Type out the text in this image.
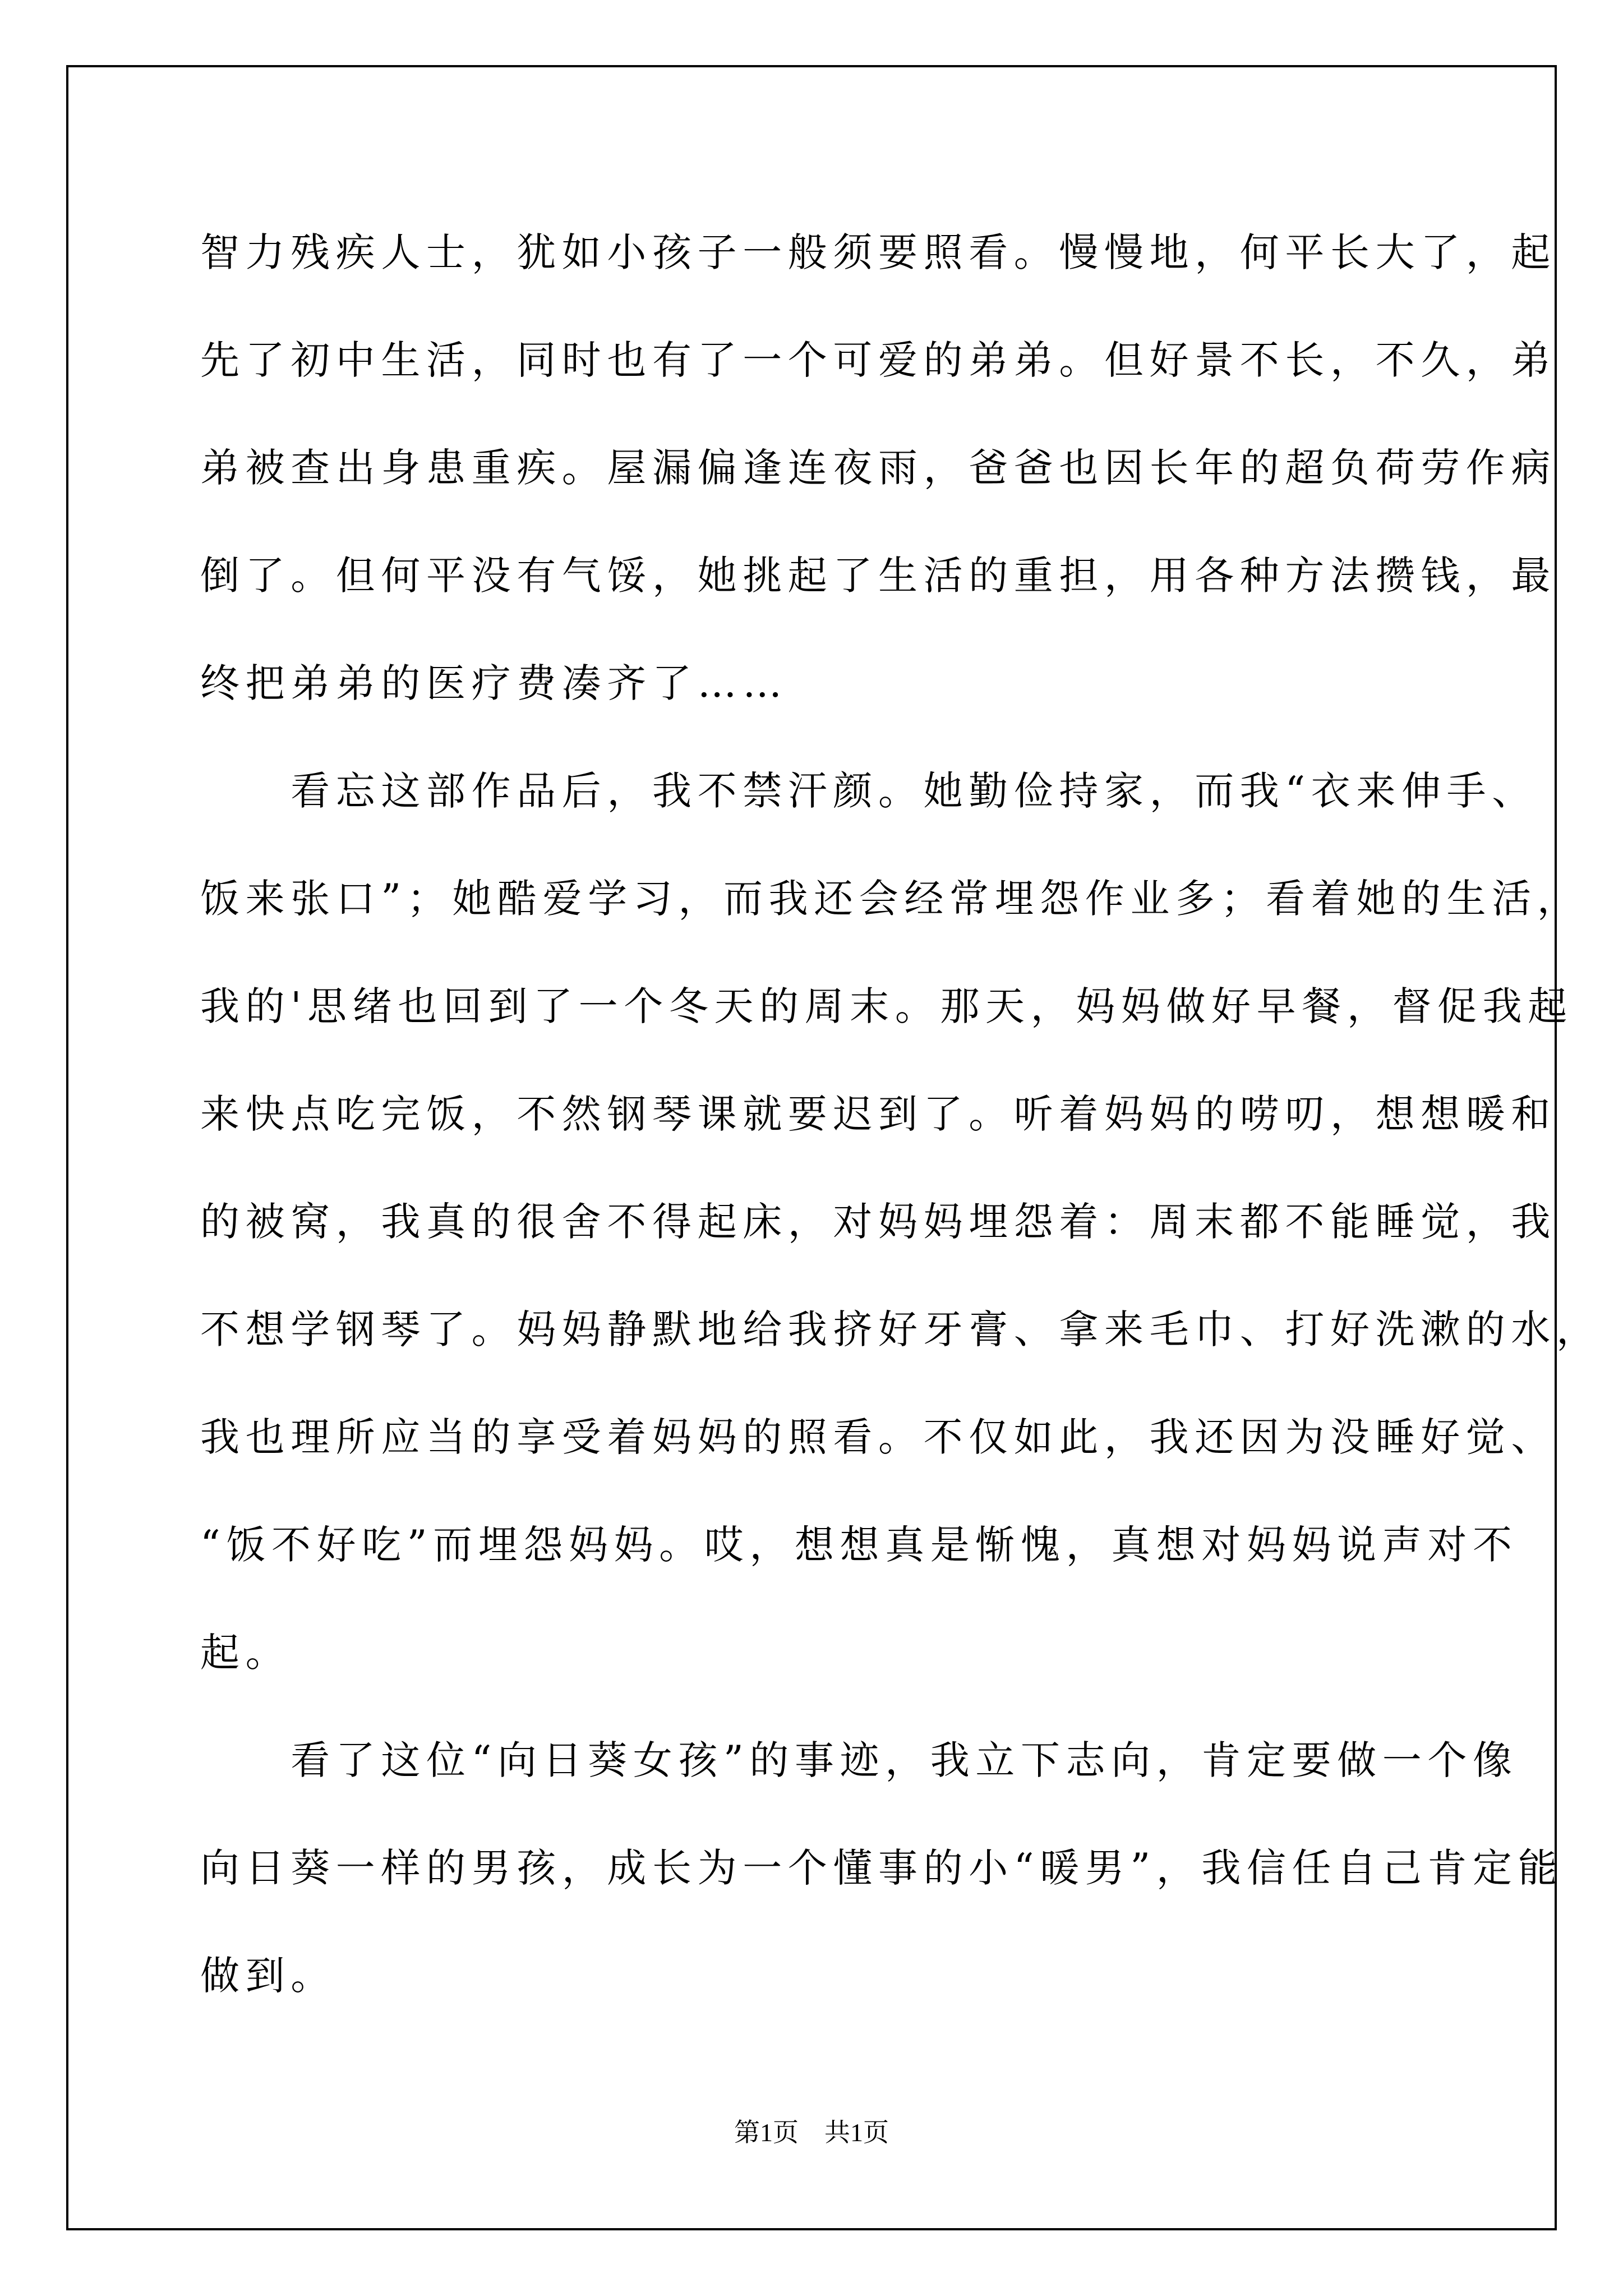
智力残疾人士，犹如小孩子一般须要照看。慢慢地，何平长大了，起
先了初中生活，同时也有了一个可爱的弟弟。但好景不长，不久，弟
弟被查出身患重疾。屋漏偏逢连夜雨，爸爸也因长年的超负荷劳作病
倒了。但何平没有气馁，她挑起了生活的重担，用各种方法攒钱，最
终把弟弟的医疗费凑齐了……
　　看忘这部作品后，我不禁汗颜。她勤俭持家，而我“衣来伸手、
饭来张口”；她酷爱学习，而我还会经常埋怨作业多；看着她的生活，
我的'思绪也回到了一个冬天的周末。那天，妈妈做好早餐，督促我起
来快点吃完饭，不然钢琴课就要迟到了。听着妈妈的唠叨，想想暖和
的被窝，我真的很舍不得起床，对妈妈埋怨着：周末都不能睡觉，我
不想学钢琴了。妈妈静默地给我挤好牙膏、拿来毛巾、打好洗漱的水，
我也理所应当的享受着妈妈的照看。不仅如此，我还因为没睡好觉、
“饭不好吃”而埋怨妈妈。哎，想想真是惭愧，真想对妈妈说声对不
起。
　　看了这位“向日葵女孩”的事迹，我立下志向，肯定要做一个像
向日葵一样的男孩，成长为一个懂事的小“暖男”，我信任自己肯定能
做到。
第1页　共1页
